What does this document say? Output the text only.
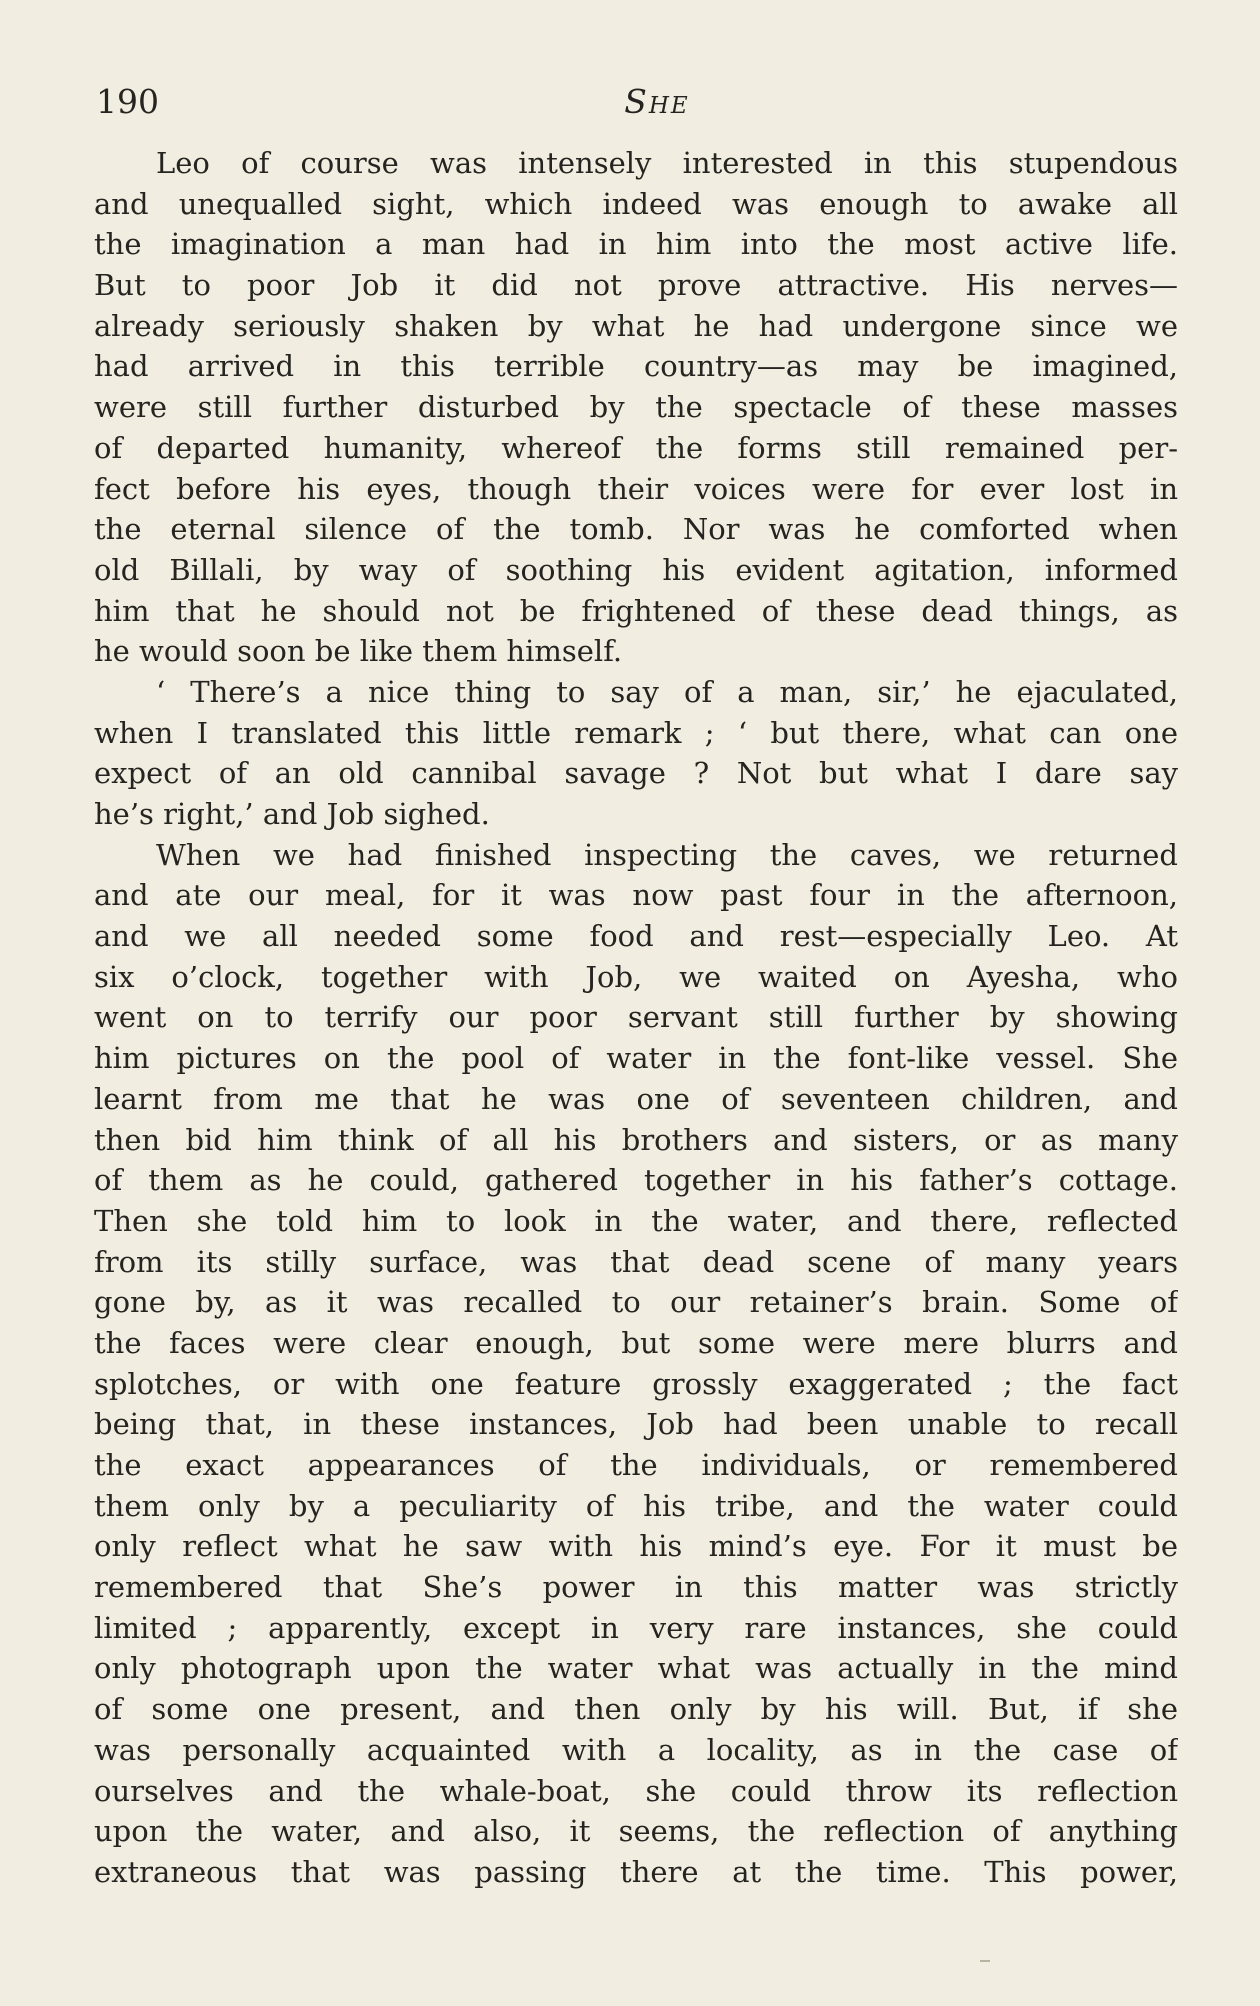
190	She
Leo of course was intensely interested in this stupendous
and unequalled sight, which indeed was enough to awake all
the imagination a man had in him into the most active life.
But to poor Job it did not prove attractive. His nerves—
already seriously shaken by what he had undergone since we
had arrived in this terrible country—as may be imagined,
were still further disturbed by the spectacle of these masses
of departed humanity, whereof the forms still remained per-
fect before his eyes, though their voices were for ever lost in
the eternal silence of the tomb. Nor was he comforted when
old Billali, by way of soothing his evident agitation, informed
him that he should not be frightened of these dead things, as
he would soon be like them himself.
‘ There’s a nice thing to say of a man, sir,’ he ejaculated,
when I translated this little remark ; ‘ but there, what can one
expect of an old cannibal savage ? Not but what I dare say
he’s right,’ and Job sighed.
When we had finished inspecting the caves, we returned
and ate our meal, for it was now past four in the afternoon,
and we all needed some food and rest—especially Leo. At
six o’clock, together with Job, we waited on Ayesha, who
went on to terrify our poor servant still further by showing
him pictures on the pool of water in the font-like vessel. She
learnt from me that he was one of seventeen children, and
then bid him think of all his brothers and sisters, or as many
of them as he could, gathered together in his father’s cottage.
Then she told him to look in the water, and there, reflected
from its stilly surface, was that dead scene of many years
gone by, as it was recalled to our retainer’s brain. Some of
the faces were clear enough, but some were mere blurrs and
splotches, or with one feature grossly exaggerated ; the fact
being that, in these instances, Job had been unable to recall
the exact appearances of the individuals, or remembered
them only by a peculiarity of his tribe, and the water could
only reflect what he saw with his mind’s eye. For it must be
remembered that She’s power in this matter was strictly
limited ; apparently, except in very rare instances, she could
only photograph upon the water what was actually in the mind
of some one present, and then only by his will. But, if she
was personally acquainted with a locality, as in the case of
ourselves and the whale-boat, she could throw its reflection
upon the water, and also, it seems, the reflection of anything
extraneous that was passing there at the time. This power,
